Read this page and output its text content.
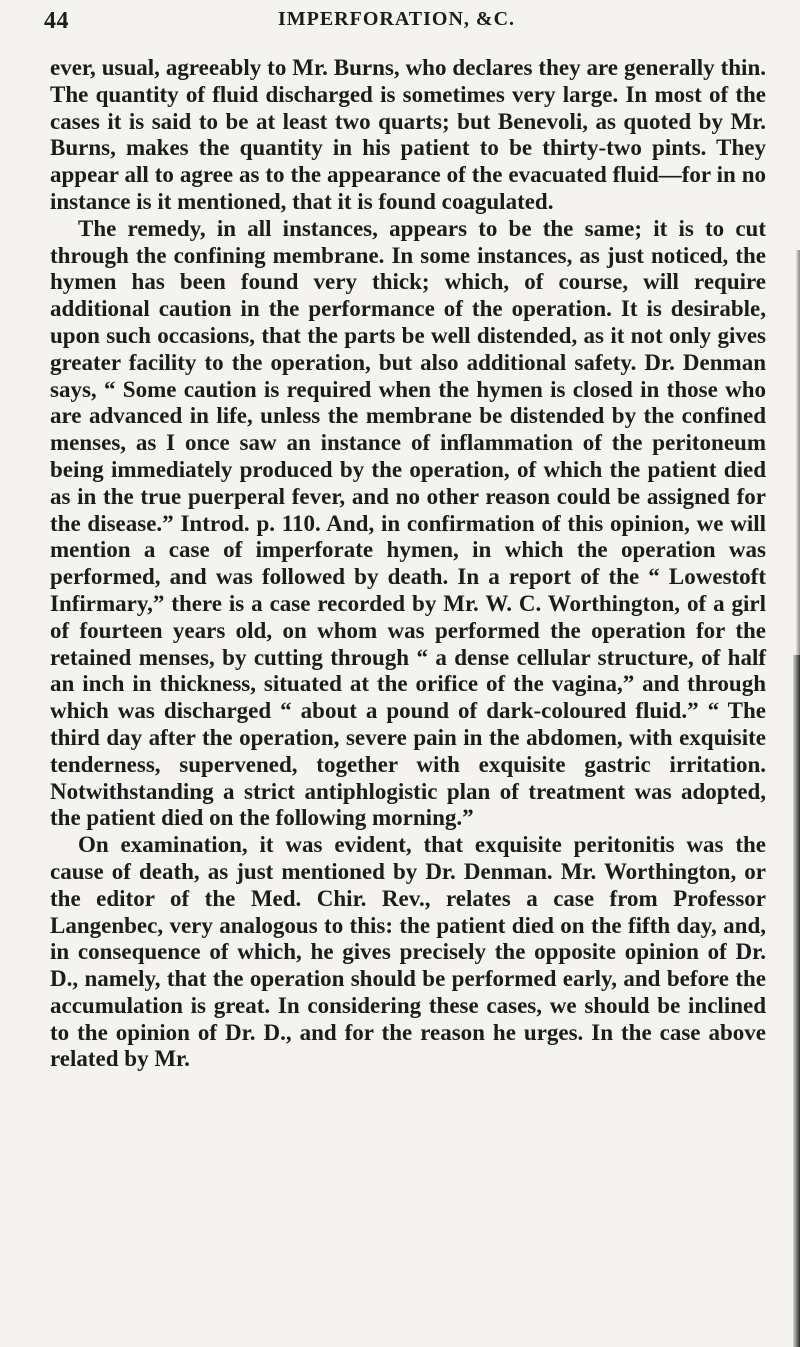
44	IMPERFORATION, &C.

ever, usual, agreeably to Mr. Burns, who declares they are generally thin. The quantity of fluid discharged is sometimes very large. In most of the cases it is said to be at least two quarts; but Benevoli, as quoted by Mr. Burns, makes the quantity in his patient to be thirty-two pints. They appear all to agree as to the appearance of the evacuated fluid—for in no instance is it mentioned, that it is found coagulated.

The remedy, in all instances, appears to be the same; it is to cut through the confining membrane. In some instances, as just noticed, the hymen has been found very thick; which, of course, will require additional caution in the performance of the operation. It is desirable, upon such occasions, that the parts be well distended, as it not only gives greater facility to the operation, but also additional safety. Dr. Denman says, “ Some caution is required when the hymen is closed in those who are advanced in life, unless the membrane be distended by the confined menses, as I once saw an instance of inflammation of the peritoneum being immediately produced by the operation, of which the patient died as in the true puerperal fever, and no other reason could be assigned for the disease.” Introd. p. 110. And, in confirmation of this opinion, we will mention a case of imperforate hymen, in which the operation was performed, and was followed by death. In a report of the “ Lowestoft Infirmary,” there is a case recorded by Mr. W. C. Worthington, of a girl of fourteen years old, on whom was performed the operation for the retained menses, by cutting through “ a dense cellular structure, of half an inch in thickness, situated at the orifice of the vagina,” and through which was discharged “ about a pound of dark-coloured fluid.” “ The third day after the operation, severe pain in the abdomen, with exquisite tenderness, supervened, together with exquisite gastric irritation. Notwithstanding a strict antiphlogistic plan of treatment was adopted, the patient died on the following morning.”

On examination, it was evident, that exquisite peritonitis was the cause of death, as just mentioned by Dr. Denman. Mr. Worthington, or the editor of the Med. Chir. Rev., relates a case from Professor Langenbec, very analogous to this: the patient died on the fifth day, and, in consequence of which, he gives precisely the opposite opinion of Dr. D., namely, that the operation should be performed early, and before the accumulation is great. In considering these cases, we should be inclined to the opinion of Dr. D., and for the reason he urges. In the case above related by Mr.
